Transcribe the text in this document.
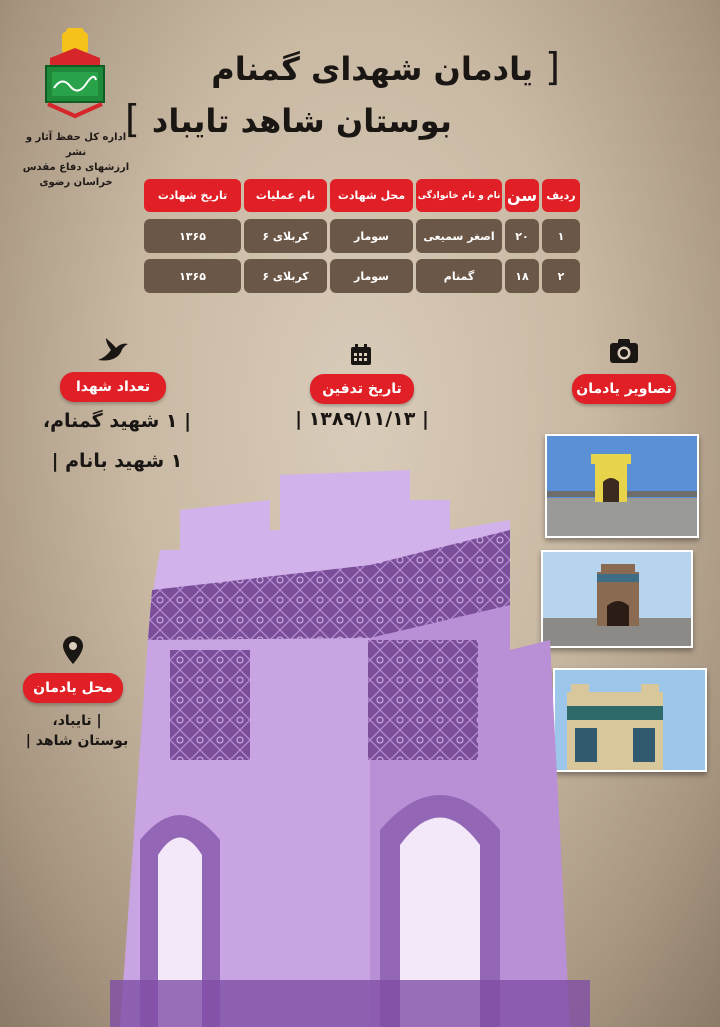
اداره کل حفظ آثار و نشر
ارزشهای دفاع مقدس
خراسان رضوی
[ یادمان شهدای گمنام
بوستان شاهد تایباد ]
ردیف
سن
نام و نام خانوادگی
محل شهادت
نام عملیات
تاریخ شهادت
۱
۲۰
اصغر سمیعی
سومار
کربلای ۶
۱۳۶۵
۲
۱۸
گمنام
سومار
کربلای ۶
۱۳۶۵
تعداد شهدا
| ۱ شهید گمنام،
۱ شهید بانام |
تاریخ تدفین
| ۱۳۸۹/۱۱/۱۳ |
تصاویر یادمان
محل یادمان
| تایباد،
بوستان شاهد |
